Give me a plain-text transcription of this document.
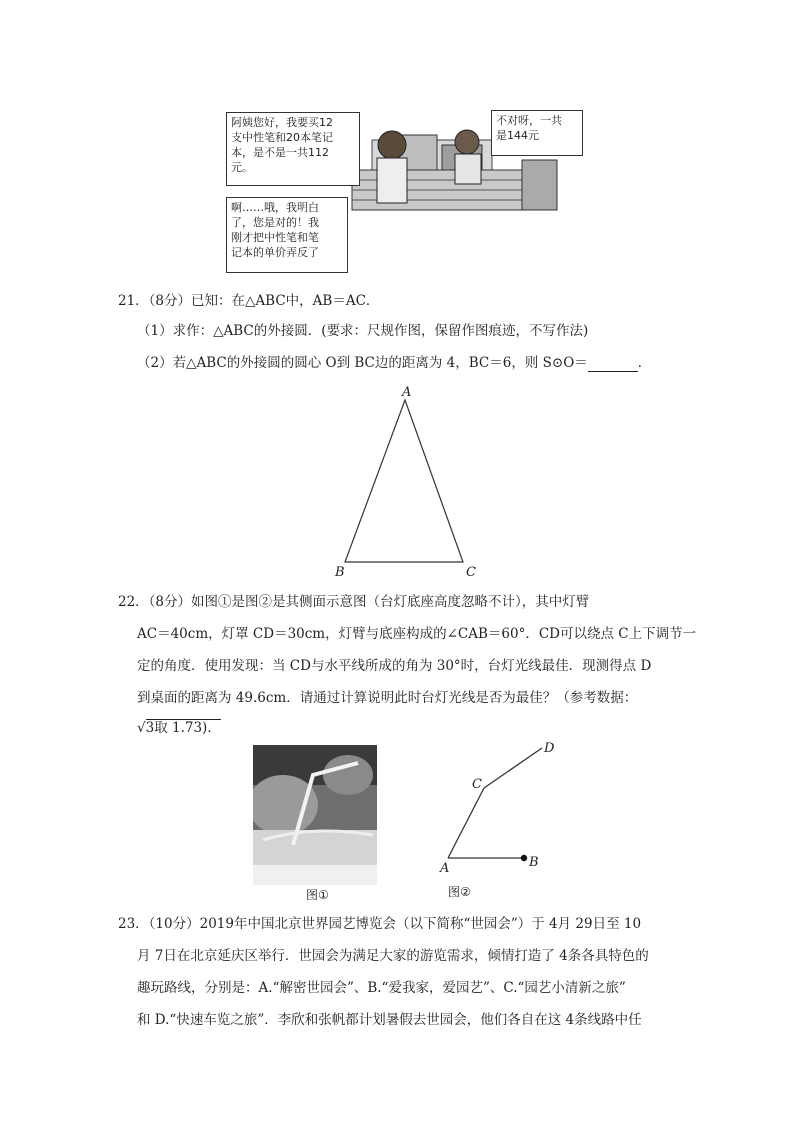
阿姨您好，我要买12
支中性笔和20本笔记
本，是不是一共112
元。
不对呀，一共
是144元
啊……哦，我明白
了，您是对的！我
刚才把中性笔和笔
记本的单价弄反了
21．（8分）已知：在△ABC中，AB＝AC．
（1）求作：△ABC的外接圆．(要求：尺规作图，保留作图痕迹，不写作法)
（2）若△ABC的外接圆的圆心 O到 BC边的距离为 4，BC＝6，则 S⊙O＝	．
A
B	C
22．（8分）如图①是图②是其侧面示意图（台灯底座高度忽略不计），其中灯臂
AC＝40cm，灯罩 CD＝30cm，灯臂与底座构成的∠CAB＝60°．CD可以绕点 C上下调节一
定的角度．使用发现：当 CD与水平线所成的角为 30°时，台灯光线最佳．现测得点 D
到桌面的距离为 49.6cm．请通过计算说明此时台灯光线是否为最佳？（参考数据：
√3取 1.73)．
图①
A	B
C
D
图②
23．（10分）2019年中国北京世界园艺博览会（以下简称“世园会”）于 4月 29日至 10
月 7日在北京延庆区举行．世园会为满足大家的游览需求，倾情打造了 4条各具特色的
趣玩路线，分别是：A.“解密世园会”、B.“爱我家，爱园艺”、C.“园艺小清新之旅”
和 D.“快速车览之旅”．李欣和张帆都计划暑假去世园会，他们各自在这 4条线路中任
